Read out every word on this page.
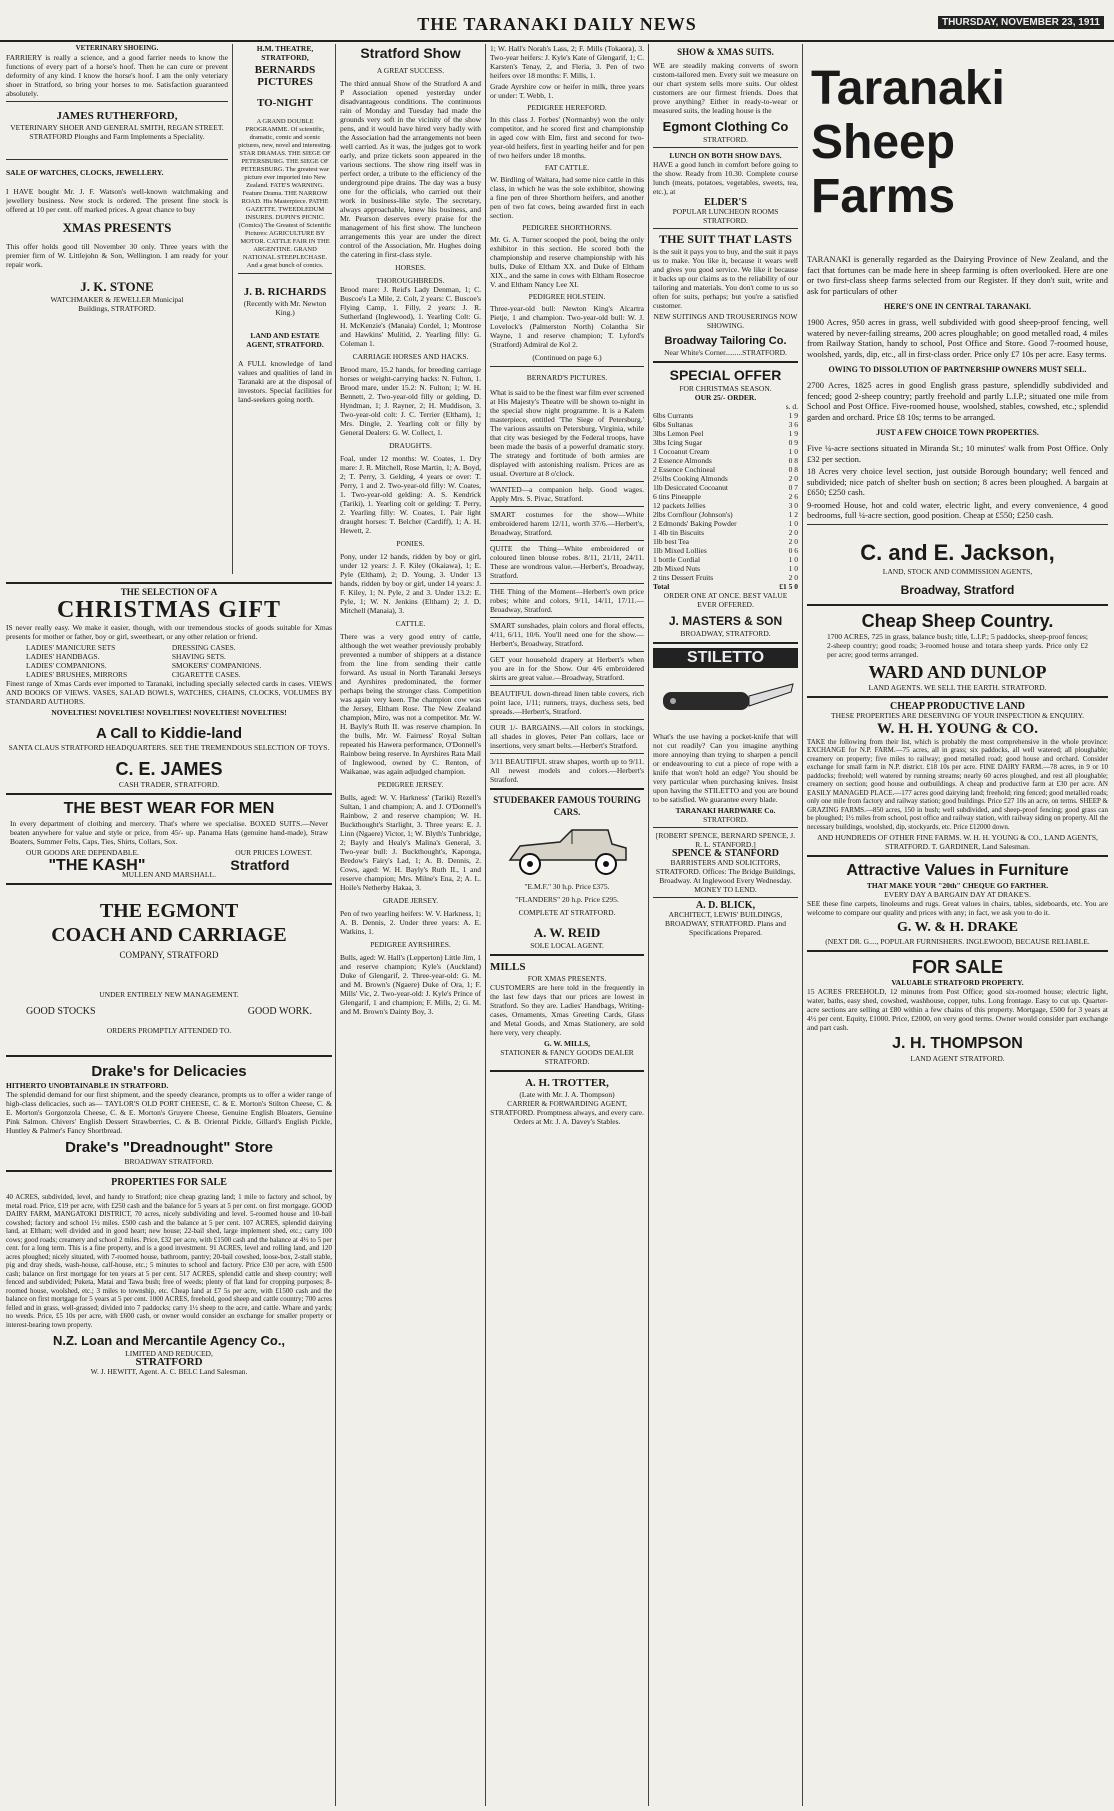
THE TARANAKI DAILY NEWS	THURSDAY, NOVEMBER 23, 1911
VETERINARY SHOEING.
FARRIERY is really a science, and a good farrier needs to know the functions of every part of a horse's hoof. Then he can cure or prevent deformity of any kind. I know the horse's hoof. I am the only veteriary shoer in Stratford, so bring your horses to me. Satisfaction guaranteed absolutely.
JAMES RUTHERFORD,
VETERINARY SHOER AND GENERAL SMITH, REGAN STREET. STRATFORD Ploughs and Farm Implements a Speciality.
SALE OF WATCHES, CLOCKS, JEWELLERY.
I HAVE bought Mr. J. F. Watson's well-known watchmaking and jewellery business. New stock is ordered. The present fine stock is offered at 10 per cent. off marked prices. A great chance to buy
XMAS PRESENTS
This offer holds good till November 30 only. Three years with the premier firm of W. Littlejohn & Son, Wellington. I am ready for your repair work.
J. K. STONE
WATCHMAKER & JEWELLER Municipal Buildings, STRATFORD.
H.M. THEATRE, STRATFORD,
BERNARDS PICTURES
TO-NIGHT
A GRAND DOUBLE PROGRAMME. Of scientific, dramatic, comic and scenic pictures, new, novel and interesting. STAR DRAMAS. THE SIEGE OF PETERSBURG. THE SIEGE OF PETERSBURG. The greatest war picture ever imported into New Zealand. FATE'S WARNING. Feature Drama. THE NARROW ROAD. His Masterpiece. PATHE GAZETTE. TWEEDLEDUM INSURES. DUPIN'S PICNIC. (Comics) The Greatest of Scientific Pictures: AGRICULTURE BY MOTOR. CATTLE FAIR IN THE ARGENTINE. GRAND NATIONAL STEEPLECHASE. And a great bunch of comics.
J. B. RICHARDS
(Recently with Mr. Newton King.)
LAND AND ESTATE AGENT, STRATFORD.
A FULL knowledge of land values and qualities of land in Taranaki are at the disposal of investors. Special facilities for land-seekers going north.
THE SELECTION OF A
CHRISTMAS GIFT
IS never really easy. We make it easier, though, with our tremendous stocks of goods suitable for Xmas presents for mother or father, boy or girl, sweetheart, or any other relation or friend.
LADIES' MANICURE SETS	DRESSING CASES.
LADIES' HANDBAGS.	SHAVING SETS.
LADIES' COMPANIONS.	SMOKERS' COMPANIONS.
LADIES' BRUSHES, MIRRORS	CIGARETTE CASES.
Finest range of Xmas Cards ever imported to Taranaki, including specially selected cards in cases. VIEWS AND BOOKS OF VIEWS. VASES, SALAD BOWLS, WATCHES, CHAINS, CLOCKS, VOLUMES BY STANDARD AUTHORS.
NOVELTIES! NOVELTIES! NOVELTIES! NOVELTIES! NOVELTIES!
A Call to Kiddie-land
SANTA CLAUS STRATFORD HEADQUARTERS. SEE THE TREMENDOUS SELECTION OF TOYS.
C. E. JAMES
CASH TRADER, STRATFORD.
THE BEST WEAR FOR MEN
In every department of clothing and mercery. That's where we specialise. BOXED SUITS.—Never beaten anywhere for value and style or price, from 45/- up. Panama Hats (genuine hand-made), Straw Boaters, Summer Felts, Caps, Ties, Shirts, Collars, Sox.
OUR GOODS ARE DEPENDABLE.	OUR PRICES LOWEST.
"THE KASH"	Stratford
MULLEN AND MARSHALL.
THE EGMONT
COACH AND CARRIAGE
COMPANY, STRATFORD
UNDER ENTIRELY NEW MANAGEMENT.
GOOD STOCKS	GOOD WORK.
ORDERS PROMPTLY ATTENDED TO.
Drake's for Delicacies
HITHERTO UNOBTAINABLE IN STRATFORD.
The splendid demand for our first shipment, and the speedy clearance, prompts us to offer a wider range of high-class delicacies, such as— TAYLOR'S OLD PORT CHEESE, C. & E. Morton's Stilton Cheese, C. & E. Morton's Gorgonzola Cheese, C. & E. Morton's Gruyere Cheese, Genuine English Bloaters, Genuine Pink Salmon. Chivers' English Dessert Strawberries, C. & B. Oriental Pickle, Gillard's English Pickle, Huntley & Palmer's Fancy Shortbread.
Drake's "Dreadnought" Store
BROADWAY STRATFORD.
PROPERTIES FOR SALE
40 ACRES, subdivided, level, and handy to Stratford; nice cheap grazing land; 1 mile to factory and school, by metal road. Price, £19 per acre, with £250 cash and the balance for 5 years at 5 per cent. on first mortgage. GOOD DAIRY FARM, MANGATOKI DISTRICT, 70 acres, nicely subdividing and level. 5-roomed house and 10-bail cowshed; factory and school 1½ miles. £500 cash and the balance at 5 per cent. 107 ACRES, splendid dairying land, at Eltham; well divided and in good heart; new house; 22-bail shed, large implement shed, etc.; carry 100 cows; good roads; creamery and school 2 miles. Price, £32 per acre, with £1500 cash and the balance at 4½ to 5 per cent. for a long term. This is a fine property, and is a good investment. 91 ACRES, level and rolling land, and 120 acres ploughed; nicely situated, with 7-roomed house, bathroom, pantry; 20-bail cowshed, loose-box, 2-stall stable, pig and dray sheds, wash-house, calf-house, etc.; 5 minutes to school and factory. Price £30 per acre, with £500 cash; balance on first mortgage for ten years at 5 per cent. 517 ACRES, splendid cattle and sheep country; well fenced and subdivided; Puketa, Matai and Tawa bush; free of weeds; plenty of flat land for cropping purposes; 8-roomed house, woolshed, etc.; 3 miles to township, etc. Cheap land at £7 5s per acre, with £1500 cash and the balance on first mortgage for 5 years at 5 per cent. 1000 ACRES, freehold, good sheep and cattle country; 700 acres felled and in grass, well-grassed; divided into 7 paddocks; carry 1½ sheep to the acre, and cattle. Whare and yards; no weeds. Price, £5 10s per acre, with £600 cash, or owner would consider an exchange for smaller property or interest-bearing town property.
N.Z. Loan and Mercantile Agency Co.,
LIMITED AND REDUCED,
STRATFORD
W. J. HEWITT, Agent. A. C. BELC Land Salesman.
Stratford Show
A GREAT SUCCESS.
The third annual Show of the Stratford A and P Association opened yesterday under disadvantageous conditions. The continuous rain of Monday and Tuesday had made the grounds very soft in the vicinity of the show pens, and it would have hired very badly with the Association had the arrangements not been well carried. As it was, the judges got to work early, and prize tickets soon appeared in the various sections. The show ring itself was in perfect order, a tribute to the efficiency of the underground pipe drains. The day was a busy one for the officials, who carried out their work in business-like style. The secretary, always approachable, knew his business, and Mr. Pearson deserves every praise for the management of his first show. The luncheon arrangements this year are under the direct control of the Association, Mr. Hughes doing the catering in first-class style.
HORSES.
THOROUGHBREDS.
Brood mare: J. Reid's Lady Denman, 1; C. Buscoe's La Mile, 2. Colt, 2 years: C. Buscoe's Flying Camp, 1. Filly, 2 years: J. R. Sutherland (Inglewood), 1. Yearling Colt: G. H. McKenzie's (Manaia) Cordel, 1; Montrose and Hawkins' Mulitid, 2. Yearling filly: G. Coleman 1.
CARRIAGE HORSES AND HACKS.
Brood mare, 15.2 hands, for breeding carriage horses or weight-carrying hacks: N. Fulton, 1. Brood mare, under 15.2: N. Fulton; 1; W. H. Bennett, 2. Two-year-old filly or gelding, D. Hyndman, 1; J. Rayner, 2; H. Muddison, 3. Two-year-old colt: J. C. Terrier (Eltham), 1; Mrs. Dingle, 2. Yearling colt or filly by General Dealers: G. W. Collect, 1.
DRAUGHTS.
Foal, under 12 months: W. Coates, 1. Dry mare: J. R. Mitchell, Rose Martin, 1; A. Boyd, 2; T. Perry, 3. Gelding, 4 years or over: T. Perry, 1 and 2. Two-year-old filly: W. Coates, 1. Two-year-old gelding: A. S. Kendrick (Tariki), 1. Yearling colt or gelding: T. Perry, 2. Yearling filly: W. Coates, 1. Pair light draught horses: T. Belcher (Cardiff), 1; A. H. Hewett, 2.
PONIES.
Pony, under 12 hands, ridden by boy or girl, under 12 years: J. F. Kiley (Okaiawa), 1; E. Pyle (Eltham), 2; D. Young, 3. Under 13 hands, ridden by boy or girl, under 14 years: J. F. Kiley, 1; N. Pyle, 2 and 3. Under 13.2: E. Pyle, 1; W. N. Jenkins (Eltham) 2; J. D. Mitchell (Manaia), 3.
CATTLE.
There was a very good entry of cattle, although the wet weather previously probably prevented a number of shippers at a distance from the line from sending their cattle forward. As usual in North Taranaki Jerseys and Ayrshires predominated, the former perhaps being the stronger class. Competition was again very keen. The champion cow was the Jersey, Eltham Rose. The New Zealand champion, Miro, was not a competitor. Mr. W. H. Bayly's Ruth II. was reserve champion. In the bulls, Mr. W. Fairness' Royal Sultan repeated his Hawera performance, O'Donnell's Rainbow being reserve. In Ayrshires Rata Mail of Inglewood, owned by C. Renton, of Waikanae, was again adjudged champion.
PEDIGREE JERSEY.
Bulls, aged: W. V. Harkness' (Tariki) Rezell's Sultan, 1 and champion; A. and J. O'Donnell's Rainbow, 2 and reserve champion; W. H. Buckthought's Starlight, 3. Three years: E. J. Linn (Ngaere) Victor, 1; W. Blyth's Tunbridge, 2; Bayly and Healy's Malina's General, 3. Two-year bull: J. Buckthought's, Kaponga, Bredow's Fairy's Lad, 1; A. B. Dennis, 2. Cows, aged: W. H. Bayly's Ruth II., 1 and reserve champion; Mrs. Milne's Ena, 2; A. L. Hoile's Netherby Hakaa, 3.
GRADE JERSEY.
Pen of two yearling heifers: W. V. Harkness, 1; A. B. Dennis, 2. Under three years: A. E. Watkins, 1.
PEDIGREE AYRSHIRES.
Bulls, aged: W. Hall's (Lepperton) Little Jim, 1 and reserve champion; Kyle's (Auckland) Duke of Glengarif, 2. Three-year-old: G. M. and M. Brown's (Ngaere) Duke of Ora, 1; F. Mills' Vic, 2. Two-year-old: J. Kyle's Prince of Glengarif, 1 and champion; F. Mills, 2; G. M. and M. Brown's Dainty Boy, 3.
1; W. Hall's Norah's Lass, 2; F. Mills (Tokaora), 3. Two-year heifers: J. Kyle's Kate of Glengarif, 1; C. Karsten's Tenay, 2, and Fleria, 3. Pen of two heifers over 18 months: F. Mills, 1.
Grade Ayrshire cow or heifer in milk, three years or under: T. Webb, 1.
PEDIGREE HEREFORD.
In this class J. Forbes' (Normanby) won the only competitor, and he scored first and championship in aged cow with Elm, first and second for two-year-old heifers, first in yearling heifer and for pen of two heifers under 18 months.
FAT CATTLE.
W. Birdling of Waitara, had some nice cattle in this class, in which he was the sole exhibitor, showing a fine pen of three Shorthorn heifers, and another pen of two fat cows, being awarded first in each section.
PEDIGREE SHORTHORNS.
Mr. G. A. Turner scooped the pool, being the only exhibitor in this section. He scored both the championship and reserve championship with his bulls, Duke of Eltham XX. and Duke of Eltham XIX., and the same in cows with Eltham Rosecroe V. and Eltham Nancy Lee XI.
PEDIGREE HOLSTEIN.
Three-year-old bull: Newton King's Alcartra Pietje, 1 and champion. Two-year-old bull: W. J. Lovelock's (Palmerston North) Colantha Sir Wayne, 1 and reserve champion; T. Lyford's (Stratford) Admiral de Kol 2.
(Continued on page 6.)
BERNARD'S PICTURES.
What is said to be the finest war film ever screened at His Majesty's Theatre will be shown to-night in the special show night programme. It is a Kalem masterpiece, entitled 'The Siege of Petersburg.' The various assaults on Petersburg, Virginia, while that city was besieged by the Federal troops, have been made the basis of a powerful dramatic story. The strategy and fortitude of both armies are displayed with astonishing realism. Prices are as usual. Overture at 8 o'clock.
WANTED—a companion help. Good wages. Apply Mrs. S. Pivac, Stratford.
SMART costumes for the show—White embroidered harem 12/11, worth 37/6.—Herbert's, Broadway, Stratford.
QUITE the Thing—White embroidered or coloured linen blouse robes. 8/11, 21/11, 24/11. These are wondrous value.—Herbert's, Broadway, Stratford.
THE Thing of the Moment—Herbert's own price robes; white and colors, 9/11, 14/11, 17/11.—Broadway, Stratford.
SMART sunshades, plain colors and floral effects, 4/11, 6/11, 10/6. You'll need one for the show.—Herbert's, Broadway, Stratford.
GET your household drapery at Herbert's when you are in for the Show. Our 4/6 embroidered skirts are great value.—Broadway, Stratford.
BEAUTIFUL down-thread linen table covers, rich point lace, 1/11; runners, trays, duchess sets, bed spreads.—Herbert's, Stratford.
OUR 1/- BARGAINS.—All colors in stockings, all shades in gloves, Peter Pan collars, lace or insertions, very smart belts.—Herbert's Stratford.
3/11 BEAUTIFUL straw shapes, worth up to 9/11. All newest models and colors.—Herbert's Stratford.
STUDEBAKER FAMOUS TOURING CARS.
"E.M.F." 30 h.p. Price £375.
"FLANDERS" 20 h.p. Price £295.
COMPLETE AT STRATFORD.
A. W. REID
SOLE LOCAL AGENT.
MILLS
FOR XMAS PRESENTS.
CUSTOMERS are here told in the frequently in the last few days that our prices are lowest in Stratford. So they are. Ladies' Handbags, Writing-cases, Ornaments, Xmas Greeting Cards, Glass and Metal Goods, and Xmas Stationery, are sold here very, very cheaply.
G. W. MILLS,
STATIONER & FANCY GOODS DEALER STRATFORD.
A. H. TROTTER,
(Late with Mr. J. A. Thompson)
CARRIER & FORWARDING AGENT, STRATFORD. Promptness always, and every care. Orders at Mr. J. A. Davey's Stables.
SHOW & XMAS SUITS.
WE are steadily making converts of sworn custom-tailored men. Every suit we measure on our chart system sells more suits. Our oldest customers are our firmest friends. Does that prove anything? Either in ready-to-wear or measured suits, the leading house is the
Egmont Clothing Co
STRATFORD.
LUNCH ON BOTH SHOW DAYS.
HAVE a good lunch in comfort before going to the show. Ready from 10.30. Complete course lunch (meats, potatoes, vegetables, sweets, tea, etc.), at
ELDER'S
POPULAR LUNCHEON ROOMS STRATFORD.
THE SUIT THAT LASTS
is the suit it pays you to buy, and the suit it pays us to make. You like it, because it wears well and gives you good service. We like it because it backs up our claims as to the reliability of our tailoring and materials. You don't come to us so often for suits, perhaps; but you're a satisfied customer.
NEW SUITINGS AND TROUSERINGS NOW SHOWING.
Broadway Tailoring Co.
Near White's Corner.........STRATFORD.
SPECIAL OFFER
FOR CHRISTMAS SEASON.
OUR 25/- ORDER.
s. d.
6lbs Currants	1 9
6lbs Sultanas	3 6
3lbs Lemon Peel	1 9
3lbs Icing Sugar	0 9
1 Cocoanut Cream	1 0
2 Essence Almonds	0 8
2 Essence Cochineal	0 8
2½lbs Cooking Almonds	2 0
1lb Desiccated Cocoanut	0 7
6 tins Pineapple	2 6
12 packets Jellies	3 0
2lbs Cornflour (Johnson's)	1 2
2 Edmonds' Baking Powder	1 0
1 4lb tin Biscuits	2 0
1lb best Tea	2 0
1lb Mixed Lollies	0 6
1 bottle Cordial	1 0
2lb Mixed Nuts	1 0
2 tins Dessert Fruits	2 0
Total	£1 5 0
ORDER ONE AT ONCE. BEST VALUE EVER OFFERED.
J. MASTERS & SON
BROADWAY, STRATFORD.
STILETTO
What's the use having a pocket-knife that will not cut readily? Can you imagine anything more annoying than trying to sharpen a pencil or endeavouring to cut a piece of rope with a knife that won't hold an edge? You should be very particular when purchasing knives. Insist upon having the STILETTO and you are bound to be satisfied. We guarantee every blade.
TARANAKI HARDWARE Co.
STRATFORD.
[ROBERT SPENCE, BERNARD SPENCE, J. R. L. STANFORD.]
SPENCE & STANFORD
BARRISTERS AND SOLICITORS, STRATFORD. Offices: The Bridge Buildings, Broadway. At Inglewood Every Wednesday. MONEY TO LEND.
A. D. BLICK,
ARCHITECT, LEWIS' BUILDINGS, BROADWAY, STRATFORD. Plans and Specifications Prepared.
Taranaki
Sheep Farms
TARANAKI is generally regarded as the Dairying Province of New Zealand, and the fact that fortunes can be made here in sheep farming is often overlooked. Here are one or two first-class sheep farms selected from our Register. If they don't suit, write and ask for particulars of other
HERE'S ONE IN CENTRAL TARANAKI.
1900 Acres, 950 acres in grass, well subdivided with good sheep-proof fencing, well watered by never-failing streams, 200 acres ploughable; on good metalled road, 4 miles from Railway Station, handy to school, Post Office and Store. Good 7-roomed house, woolshed, yards, dip, etc., all in first-class order. Price only £7 10s per acre. Easy terms.
OWING TO DISSOLUTION OF PARTNERSHIP OWNERS MUST SELL.
2700 Acres, 1825 acres in good English grass pasture, splendidly subdivided and fenced; good 2-sheep country; partly freehold and partly L.I.P.; situated one mile from School and Post Office. Five-roomed house, woolshed, stables, cowshed, etc.; splendid garden and orchard. Price £8 10s; terms to be arranged.
JUST A FEW CHOICE TOWN PROPERTIES.
Five ¼-acre sections situated in Miranda St.; 10 minutes' walk from Post Office. Only £32 per section.
18 Acres very choice level section, just outside Borough boundary; well fenced and subdivided; nice patch of shelter bush on section; 8 acres been ploughed. A bargain at £650; £250 cash.
9-roomed House, hot and cold water, electric light, and every convenience, 4 good bedrooms, full ¼-acre section, good position. Cheap at £550; £250 cash.
C. and E. Jackson,
LAND, STOCK AND COMMISSION AGENTS,
Broadway, Stratford
Cheap Sheep Country.
1700 ACRES, 725 in grass, balance bush; title, L.I.P.; 5 paddocks, sheep-proof fences; 2-sheep country; good roads; 3-roomed house and totara sheep yards. Price only £2 per acre; good terms arranged.
WARD AND DUNLOP
LAND AGENTS. WE SELL THE EARTH. STRATFORD.
CHEAP PRODUCTIVE LAND
THESE PROPERTIES ARE DESERVING OF YOUR INSPECTION & ENQUIRY.
W. H. H. YOUNG & CO.
TAKE the following from their list, which is probably the most comprehensive in the whole province: EXCHANGE for N.P. FARM.—75 acres, all in grass; six paddocks, all well watered; all ploughable; creamery on property; five miles to railway; good metalled road; good house and orchard. Consider exchange for small farm in N.P. district. £18 10s per acre. FINE DAIRY FARM.—78 acres, in 9 or 10 paddocks; freehold; well watered by running streams; nearly 60 acres ploughed, and rest all ploughable; creamery on section; good house and outbuildings. A cheap and productive farm at £30 per acre. AN EASILY MANAGED PLACE.—177 acres good dairying land; freehold; ring fenced; good metalled roads; only one mile from factory and railway station; good buildings. Price £27 10s an acre, on terms. SHEEP & GRAZING FARMS.—850 acres, 150 in bush; well subdivided, and sheep-proof fencing; good grass can be ploughed; 1½ miles from school, post office and railway station, with railway siding on property. All the necessary buildings, woolshed, dip, stockyards, etc. Price £12000 down.
AND HUNDREDS OF OTHER FINE FARMS. W. H. H. YOUNG & CO., LAND AGENTS, STRATFORD. T. GARDINER, Land Salesman.
Attractive Values in Furniture
THAT MAKE YOUR "20th" CHEQUE GO FARTHER.
EVERY DAY A BARGAIN DAY AT DRAKE'S.
SEE these fine carpets, linoleums and rugs. Great values in chairs, tables, sideboards, etc. You are welcome to compare our quality and prices with any; in fact, we ask you to do it.
G. W. & H. DRAKE
(NEXT DR. G...., POPULAR FURNISHERS. INGLEWOOD, BECAUSE RELIABLE.
FOR SALE
VALUABLE STRATFORD PROPERTY.
15 ACRES FREEHOLD, 12 minutes from Post Office; good six-roomed house; electric light, water, baths, easy shed, cowshed, washhouse, copper, tubs. Long frontage. Easy to cut up. Quarter-acre sections are selling at £80 within a few chains of this property. Mortgage, £500 for 3 years at 4½ per cent. Equity, £1000. Price, £2000, on very good terms. Owner would consider part exchange and part cash.
J. H. THOMPSON
LAND AGENT STRATFORD.
